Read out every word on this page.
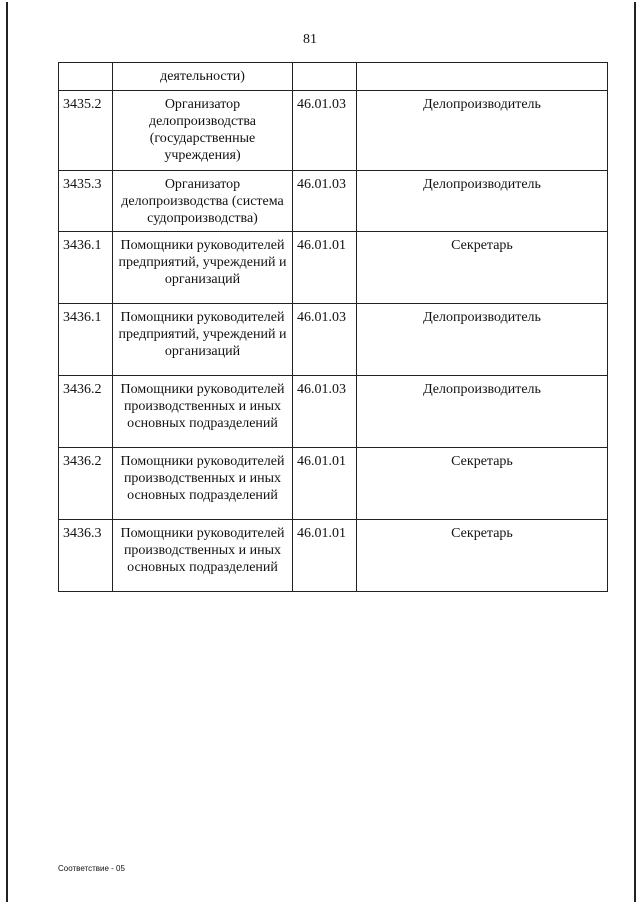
81
	деятельности)		
3435.2	Организатор делопроизводства (государственные учреждения)	46.01.03	Делопроизводитель
3435.3	Организатор делопроизводства (система судопроизводства)	46.01.03	Делопроизводитель
3436.1	Помощники руководителей предприятий, учреждений и организаций	46.01.01	Секретарь
3436.1	Помощники руководителей предприятий, учреждений и организаций	46.01.03	Делопроизводитель
3436.2	Помощники руководителей производственных и иных основных подразделений	46.01.03	Делопроизводитель
3436.2	Помощники руководителей производственных и иных основных подразделений	46.01.01	Секретарь
3436.3	Помощники руководителей производственных и иных основных подразделений	46.01.01	Секретарь
Соответствие - 05
